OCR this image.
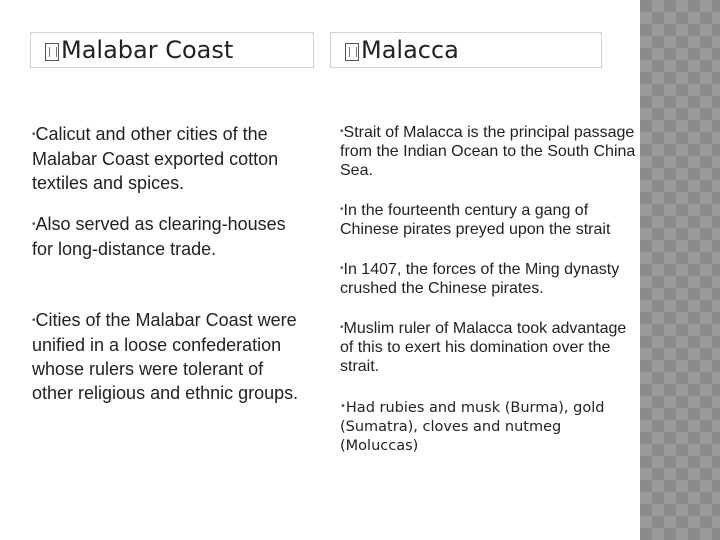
Malabar Coast	Malacca

•Calicut and other cities of the Malabar Coast exported cotton textiles and spices.

•Also served as clearing-houses for long-distance trade.

•Cities of the Malabar Coast were unified in a loose confederation whose rulers were tolerant of other religious and ethnic groups.

•Strait of Malacca is the principal passage from the Indian Ocean to the South China Sea.

•In the fourteenth century a gang of Chinese pirates preyed upon the strait

•In 1407, the forces of the Ming dynasty crushed the Chinese pirates.

•Muslim ruler of Malacca took advantage of this to exert his domination over the strait.

•Had rubies and musk (Burma), gold (Sumatra), cloves and nutmeg (Moluccas)
